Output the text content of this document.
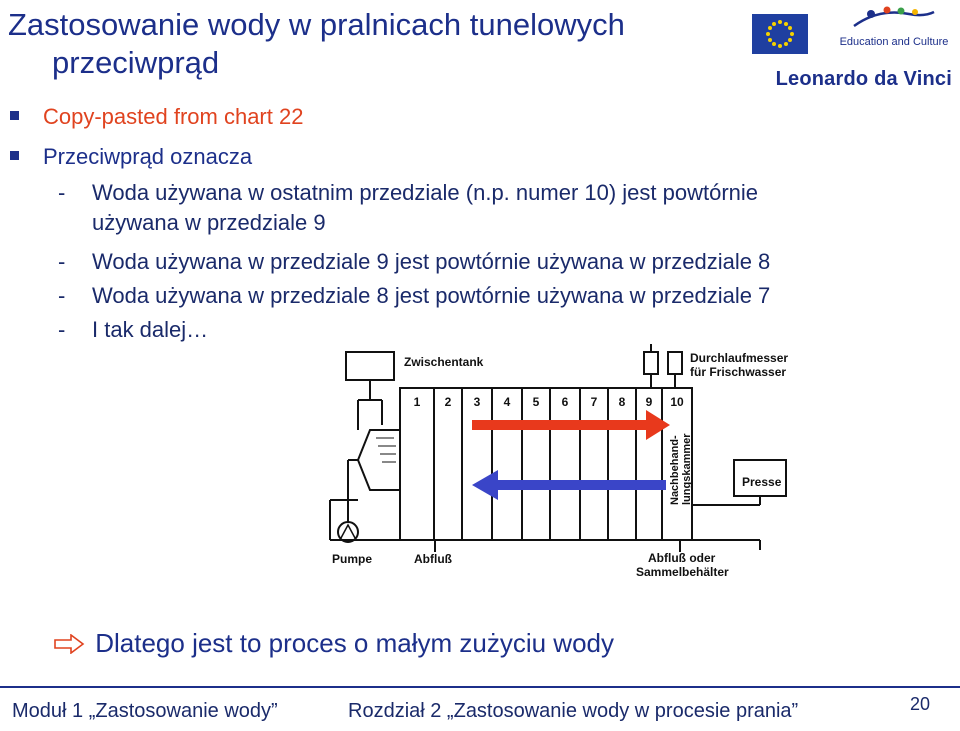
Zastosowanie wody w pralnicach tunelowych
przeciwprąd
Education and Culture
Leonardo da Vinci
Copy-pasted from chart 22
Przeciwprąd oznacza
- Woda używana w ostatnim przedziale (n.p. numer 10) jest powtórnie
używana w przedziale 9
- Woda używana w przedziale 9 jest powtórnie używana w przedziale 8
- Woda używana w przedziale 8 jest powtórnie używana w przedziale 7
- I tak dalej…
Zwischentank	Durchlaufmesser
für Frischwasser
1 2 3 4 5 6 7 8 9 10
Nachbehand- lungskammer	Presse
Pumpe	Abfluß	Abfluß oder
Sammelbehälter
Dlatego jest to proces o małym zużyciu wody
Moduł 1 „Zastosowanie wody”	Rozdział 2 „Zastosowanie wody w procesie prania”	20
